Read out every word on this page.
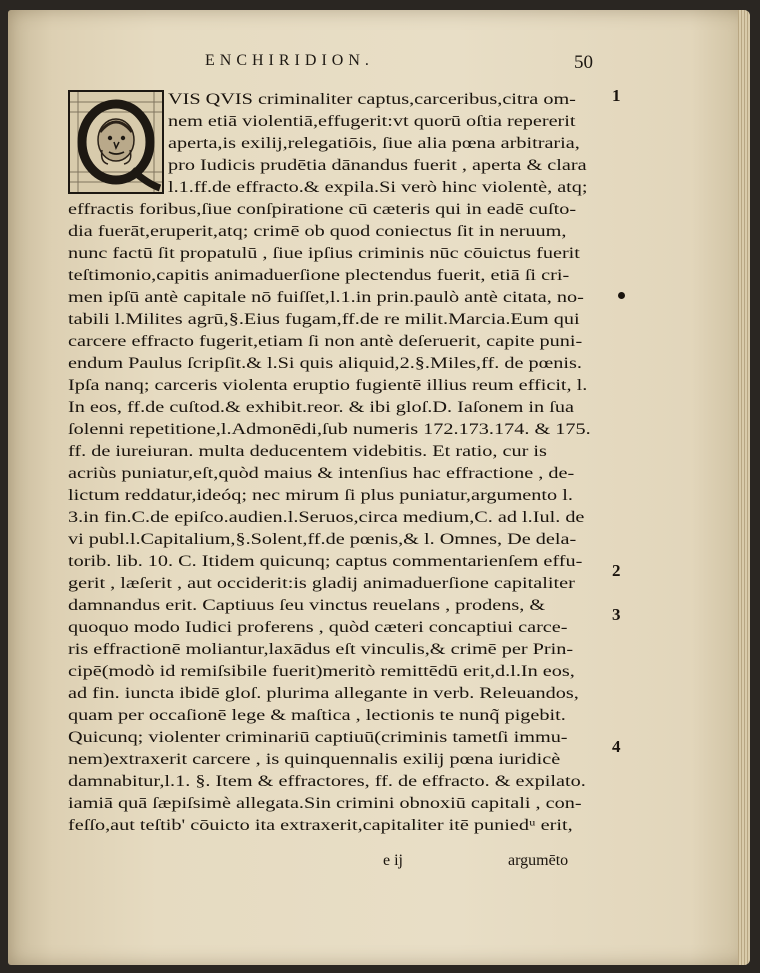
ENCHIRIDION.	50
VIS QVIS criminaliter captus,carceribus,citra om-
nem etiā violentiā,effugerit:vt quorū oſtia repererit
aperta,is exilij,relegatiōis, ſiue alia pœna arbitraria,
pro Iudicis prudētia dānandus fuerit , aperta & clara
l.1.ff.de effracto.& expila.Si verò hinc violentè, atq;
effractis foribus,ſiue conſpiratione cū cæteris qui in eadē cuſto-
dia fuerāt,eruperit,atq; crimē ob quod coniectus ſit in neruum,
nunc factū ſit propatulū , ſiue ipſius criminis nūc cōuictus fuerit
teſtimonio,capitis animaduerſione plectendus fuerit, etiā ſi cri-
men ipſū antè capitale nō fuiſſet,l.1.in prin.paulò antè citata, no-
tabili l.Milites agrū,§.Eius fugam,ff.de re milit.Marcia.Eum qui
carcere effracto fugerit,etiam ſi non antè deſeruerit, capite puni-
endum Paulus ſcripſit.& l.Si quis aliquid,2.§.Miles,ff. de pœnis.
Ipſa nanq; carceris violenta eruptio fugientē illius reum efficit, l.
In eos, ff.de cuſtod.& exhibit.reor. & ibi gloſ.D. Iaſonem in ſua
ſolenni repetitione,l.Admonēdi,ſub numeris 172.173.174. & 175.
ff. de iureiuran. multa deducentem videbitis. Et ratio, cur is
acriùs puniatur,eſt,quòd maius & intenſius hac effractione , de-
lictum reddatur,ideóq; nec mirum ſi plus puniatur,argumento l.
3.in fin.C.de epiſco.audien.l.Seruos,circa medium,C. ad l.Iul. de
vi publ.l.Capitalium,§.Solent,ff.de pœnis,& l. Omnes, De dela-
torib. lib. 10. C. Itidem quicunq; captus commentarienſem effu-
gerit , læſerit , aut occiderit:is gladij animaduerſione capitaliter
damnandus erit. Captiuus ſeu vinctus reuelans , prodens, &
quoquo modo Iudici proferens , quòd cæteri concaptiui carce-
ris effractionē moliantur,laxādus eſt vinculis,& crimē per Prin-
cipē(modò id remiſsibile fuerit)meritò remittēdū erit,d.l.In eos,
ad fin. iuncta ibidē gloſ. plurima allegante in verb. Releuandos,
quam per occaſionē lege & maſtica , lectionis te nunq̃ pigebit.
Quicunq; violenter criminariū captiuū(criminis tametſi immu-
nem)extraxerit carcere , is quinquennalis exilij pœna iuridicè
damnabitur,l.1. §. Item & effractores, ff. de effracto. & expilato.
iamiā quā ſæpiſsimè allegata.Sin crimini obnoxiū capitali , con-
feſſo,aut teſtib' cōuicto ita extraxerit,capitaliter itē puniedᵘ erit,
1
2
3
4
e ij	argumēto
